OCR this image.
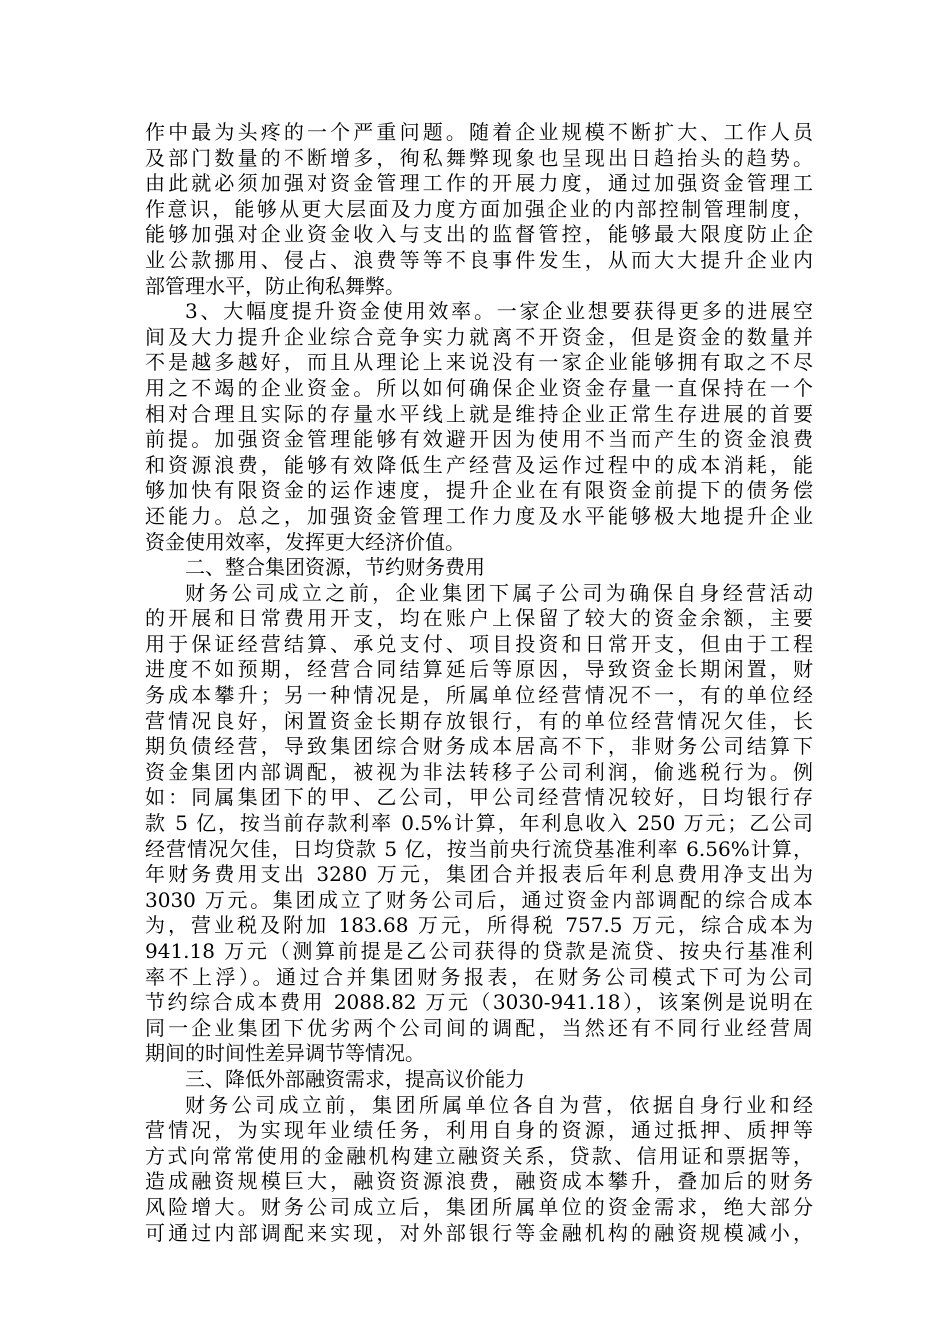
作中最为头疼的一个严重问题。随着企业规模不断扩大、工作人员
及部门数量的不断增多，徇私舞弊现象也呈现出日趋抬头的趋势。
由此就必须加强对资金管理工作的开展力度，通过加强资金管理工
作意识，能够从更大层面及力度方面加强企业的内部控制管理制度，
能够加强对企业资金收入与支出的监督管控，能够最大限度防止企
业公款挪用、侵占、浪费等等不良事件发生，从而大大提升企业内
部管理水平，防止徇私舞弊。
3、大幅度提升资金使用效率。一家企业想要获得更多的进展空
间及大力提升企业综合竞争实力就离不开资金，但是资金的数量并
不是越多越好，而且从理论上来说没有一家企业能够拥有取之不尽
用之不竭的企业资金。所以如何确保企业资金存量一直保持在一个
相对合理且实际的存量水平线上就是维持企业正常生存进展的首要
前提。加强资金管理能够有效避开因为使用不当而产生的资金浪费
和资源浪费，能够有效降低生产经营及运作过程中的成本消耗，能
够加快有限资金的运作速度，提升企业在有限资金前提下的债务偿
还能力。总之，加强资金管理工作力度及水平能够极大地提升企业
资金使用效率，发挥更大经济价值。
二、整合集团资源，节约财务费用
财务公司成立之前，企业集团下属子公司为确保自身经营活动
的开展和日常费用开支，均在账户上保留了较大的资金余额，主要
用于保证经营结算、承兑支付、项目投资和日常开支，但由于工程
进度不如预期，经营合同结算延后等原因，导致资金长期闲置，财
务成本攀升；另一种情况是，所属单位经营情况不一，有的单位经
营情况良好，闲置资金长期存放银行，有的单位经营情况欠佳，长
期负债经营，导致集团综合财务成本居高不下，非财务公司结算下
资金集团内部调配，被视为非法转移子公司利润，偷逃税行为。例
如：同属集团下的甲、乙公司，甲公司经营情况较好，日均银行存
款 5 亿，按当前存款利率 0.5%计算，年利息收入 250 万元；乙公司
经营情况欠佳，日均贷款 5 亿，按当前央行流贷基准利率 6.56%计算，
年财务费用支出 3280 万元，集团合并报表后年利息费用净支出为
3030 万元。集团成立了财务公司后，通过资金内部调配的综合成本
为，营业税及附加 183.68 万元，所得税 757.5 万元，综合成本为
941.18 万元（测算前提是乙公司获得的贷款是流贷、按央行基准利
率不上浮）。通过合并集团财务报表，在财务公司模式下可为公司
节约综合成本费用 2088.82 万元（3030-941.18），该案例是说明在
同一企业集团下优劣两个公司间的调配，当然还有不同行业经营周
期间的时间性差异调节等情况。
三、降低外部融资需求，提高议价能力
财务公司成立前，集团所属单位各自为营，依据自身行业和经
营情况，为实现年业绩任务，利用自身的资源，通过抵押、质押等
方式向常常使用的金融机构建立融资关系，贷款、信用证和票据等，
造成融资规模巨大，融资资源浪费，融资成本攀升，叠加后的财务
风险增大。财务公司成立后，集团所属单位的资金需求，绝大部分
可通过内部调配来实现，对外部银行等金融机构的融资规模减小，
